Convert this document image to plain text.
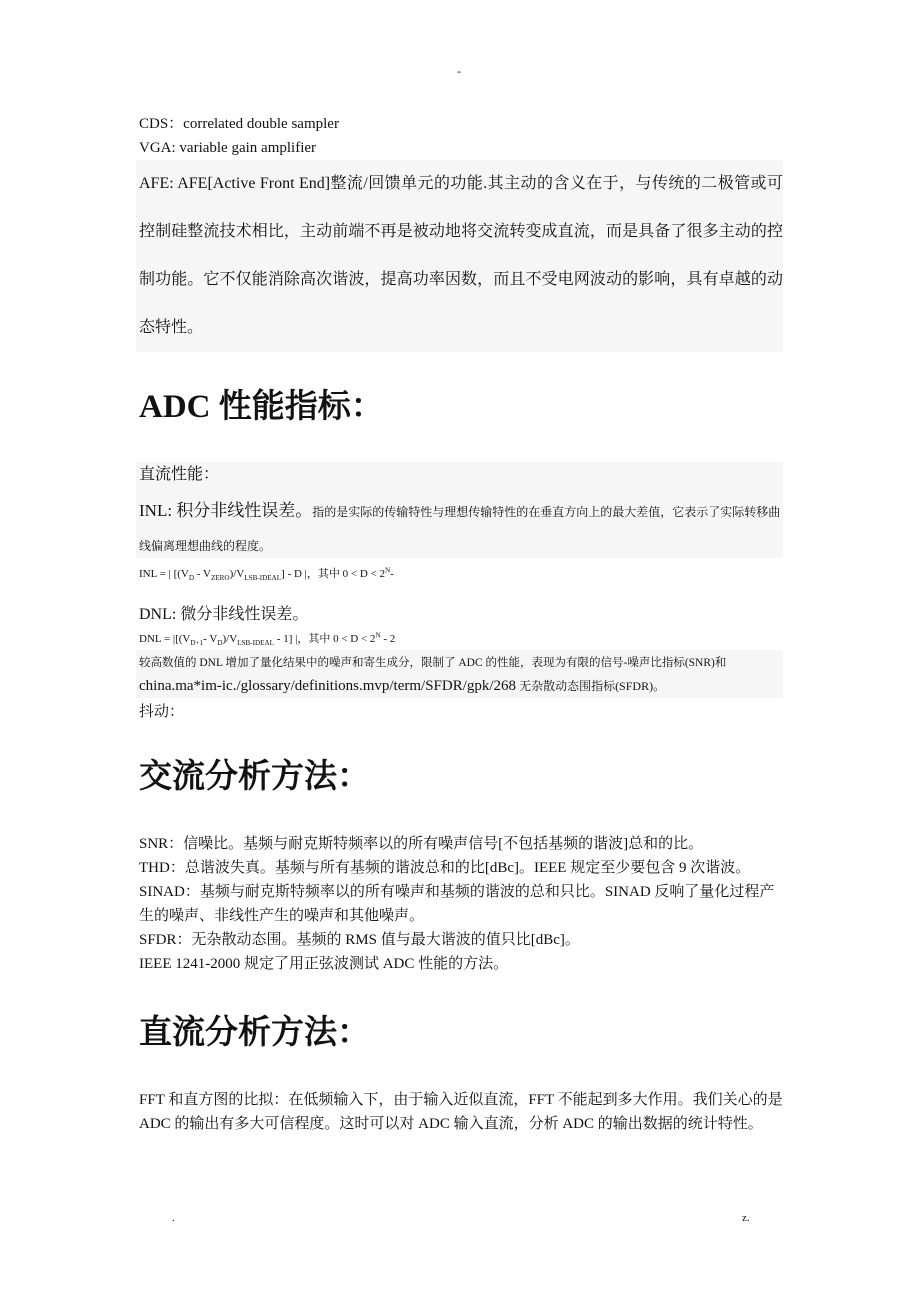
-

CDS：correlated double sampler

VGA: variable gain amplifier

AFE: AFE[Active Front End]整流/回馈单元的功能.其主动的含义在于，与传统的二极管或可控制硅整流技术相比，主动前端不再是被动地将交流转变成直流，而是具备了很多主动的控制功能。它不仅能消除高次谐波，提高功率因数，而且不受电网波动的影响，具有卓越的动态特性。

ADC 性能指标：

直流性能：

INL: 积分非线性误差。指的是实际的传输特性与理想传输特性的在垂直方向上的最大差值，它表示了实际转移曲线偏离理想曲线的程度。

INL = | $[(V_D - V_{ZERO})/V_{LSB-IDEAL}]$ - D |，其中 $0 < D < 2^N-$

DNL: 微分非线性误差。

DNL = $|[(V_{D+1}-$ $V_D)/V_{LSB-IDEAL} - 1$] |，其中 $0 < D < 2^N - 2$

较高数值的 DNL 增加了量化结果中的噪声和寄生成分，限制了 ADC 的性能，表现为有限的信号-噪声比指标(SNR)和

china.ma*im-ic./glossary/definitions.mvp/term/SFDR/gpk/268 无杂散动态围指标(SFDR)。

抖动：

交流分析方法：

SNR：信噪比。基频与耐克斯特频率以的所有噪声信号[不包括基频的谐波]总和的比。

THD：总谐波失真。基频与所有基频的谐波总和的比[dBc]。IEEE 规定至少要包含 9 次谐波。

SINAD：基频与耐克斯特频率以的所有噪声和基频的谐波的总和只比。SINAD 反响了量化过程产生的噪声、非线性产生的噪声和其他噪声。

SFDR：无杂散动态围。基频的 RMS 值与最大谐波的值只比[dBc]。

IEEE 1241-2000 规定了用正弦波测试 ADC 性能的方法。

直流分析方法：

FFT 和直方图的比拟：在低频输入下，由于输入近似直流，FFT 不能起到多大作用。我们关心的是 ADC 的输出有多大可信程度。这时可以对 ADC 输入直流，分析 ADC 的输出数据的统计特性。

.	z.
